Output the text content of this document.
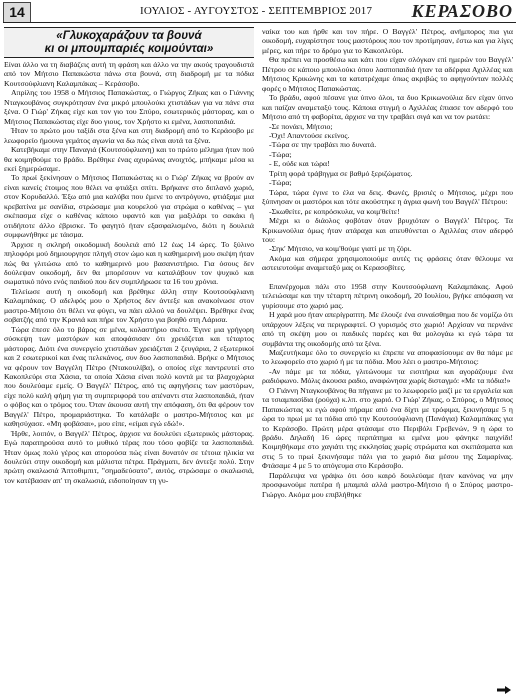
14	ΙΟΥΛΙΟΣ - ΑΥΓΟΥΣΤΟΣ - ΣΕΠΤΕΜΒΡΙΟΣ 2017 ΚΕΡΑΣΟΒΟ
«Γλυκοχαράζουν τα βουνά
κι οι μπουμπαριές κοιμούνται»

Είναι άλλο να τη διαβάζεις αυτή τη φράση και άλλο να την ακούς τραγουδιστά από τον Μήτσιο Παπακώστα πάνω στα βουνά, στη διαδρομή με τα πόδια Κουτσούφλιανη Καλαμπάκας – Κεράσοβο.

Απρίλης του 1958 ο Μήτσιος Παπακώστας, ο Γιώργος Ζήκας και ο Γιάννης Νταγκουβάνος συγκρότησαν ένα μικρό μπουλούκι χτιστάδων για να πάνε στα ξένα. Ο Γιώρ' Ζήκας είχε και τον γιο του Σπύρο, εσωτερικός μάστορας, και ο Μήτσιος Παπακώστας είχε δυο γιους, τον Χρήστο κι εμένα, λασπoπαιδιά.

Ήταν το πρώτο μου ταξίδι στα ξένα και στη διαδρομή από το Κεράσοβο με λεωφορείο ήμουνα γεμάτος αγωνία να δω πώς είναι αυτά τα ξένα.

Κατεβήκαμε στην Παναγιά (Κουτσούφλιανη) και το πρώτο μέλημα ήταν πού θα κοιμηθούμε το βράδυ. Βρέθηκε ένας αχυρώνας ανοιχτός, μπήκαμε μέσα κι εκεί ξημερώσαμε.

Το πρωί ξεκίνησαν ο Μήτσιος Παπακώστας κι ο Γιώρ' Ζήκας να βρούν αν είναι κανείς έτοιμος που θέλει να φτιάξει σπίτι. Βρήκανε στο διπλανό χωριό, στον Κορυδαλλό. Έξω από μια καλύβα που έμενε το αντρόγυνο, φτιάξαμε μια κρεβατίνα με σανίδια, στρώσαμε μια κουρελού για στρώμα ο καθένας – για σκέπασμα είχε ο καθένας κάποιο υφαντό και για μαξιλάρι το σακάκι ή οτιδήποτε άλλο έβρισκε. Το φαγητό ήταν εξασφαλισμένο, διότι η δουλειά συμφωνήθηκε με τάισμα.

Άρχισε η σκληρή οικοδομική δουλειά από 12 έως 14 ώρες. Το ξύλινο πηλοφόρι μού δημιουργησε πληγή στον ώμο και η καθημερινή μου σκέψη ήταν πώς θα γλιτώσω από το καθημερινό μου βασανιστήριο. Για όσους δεν δούλεψαν οικοδομή, δεν θα μπορέσουν να καταλάβουν τον ψυχικό και σωματικό πόνο ενός παιδιού που δεν συμπλήρωσε τα 16 του χρόνια.

Τελείωσε αυτή η οικοδομή και βρέθηκε άλλη στην Κουτσούφλιανη Καλαμπάκας. Ο αδελφός μου ο Χρήστος δεν άντεξε και ανακοίνωσε στον μαστρο-Μήτσιο ότι θέλει να φύγει, να πάει αλλού να δουλέψει. Βρέθηκε ένας σοβατζής από την Κρανιά και πήρε τον Χρήστο για βοηθό στη Λάρισα.

Τώρα έπεσε όλο το βάρος σε μένα, κολαστήριο σκέτο. Έγινε μια γρήγορη σύσκεψη των μαστόρων και αποφάσισαν ότι χρειάζεται και τέταρτος μάστορας. Διότι ένα συνεργείο χτιστάδων χρειάζεται 2 ζευγάρια, 2 εξωτερικοί και 2 εσωτερικοί και ένας πελεκάνος, συν δυο λασπoπαιδιά. Βρήκε ο Μήτσιος να φέρουν τον Βαγγέλη Πέτρο (Ντακουλίβα), ο οποίος είχε παντρευτεί στο Κακοπλεύρι στα Χάσια, τα οποία Χάσια είναι πολύ κοντά με τα βλαχοχώρια που δουλεύαμε εμείς. Ο Βαγγέλ' Πέτρος, από τις αφηγήσεις των μαστόρων, είχε πολύ καλή φήμη για τη συμπεριφορά του απέναντι στα λασπoπαιδιά, ήταν ο φόβος και ο τρόμος του. Όταν άκουσα αυτή την απόφαση, ότι θα φέρουν τον Βαγγέλ' Πέτρο, προμαριάστηκα. Το κατάλαβε ο μαστρο-Μήτσιος και με καθησύχασε. «Μη φοβάσαι», μου είπε, «είμαι εγώ εδώ!».

Ήρθε, λοιπόν, ο Βαγγέλ' Πέτρος, άρχισε να δουλεύει εξωτερικός μάστορας. Εγώ παρατηρούσα αυτό το μυθικό τέρας που τόσο φοβίζε τα λασπoπαιδιά. Ήταν όμως πολύ γέρος και απορούσα πώς είναι δυνατόν σε τέτοια ηλικία να δουλεύει στην οικοδομή και μάλιστα πέτρα. Πράγματι, δεν άντεξε πολύ. Στην πρώτη σκαλωσιά Άπτοθιμπιτ, "σημαδεύσατο", αυτός, στρώσαμε ο σκαλωσιά, τον κατέβασαν απ' τη σκαλωσιά, ειδοποίησαν τη γυ-

ναίκα του και ήρθε και τον πήρε. Ο Βαγγέλ' Πέτρος, ανήμπορος πια για οικοδομή, ευχαρίστησε τους μαστόρους που τον προτίμησαν, έστω και για λίγες μέρες, και πήρε το δρόμο για το Κακοπλεύρι.

Θα πρέπει να προσθέσω και κάτι που είχαν σλόγκαν επί ημερών του Βαγγέλ' Πέτρου σε κάποιο μπουλούκι όπου λασπoπαιδιά ήταν τα αδέρφια Αχιλλέας και Μήτσιος Κρικώνης και τα κατατρέχαμε όπως ακριβώς το αφηγούνταν πολλές φορές ο Μήτσιος Παπακώστας.

Το βράδυ, αφού πέσανε για ύπνο όλοι, τα δυο Κρικωνούλια δεν είχαν ύπνο και παίζαν αναμεταξύ τους. Κάποια στιγμή ο Αχιλλέας έπιασε τον αδερφό του Μήτσιο από τη φαβορίτα, άρχισε να την τραβάει σιγά και να τον ρωτάει:

-Σε πονάει, Μήτσιο;

-Όχι! Απαντούσε εκείνος.

-Τώρα σε την τραβάει πιο δυνατά.

-Τώρα;

- Ε, ούδε και τώρα!

Τρίτη φορά τράβηγμα σε βαθμό ξεριζώματος.

-Τώρα;

Τώρα, τώρα έγινε το έλα να δεις. Φωνές, βρισιές ο Μήτσιος, μέχρι που ξύπνησαν οι μαστόροι και τότε ακούστηκε η άγρια φωνή του Βαγγέλ' Πέτρου:

-Σκωθείτε, ρε κοπρόσκυλα, να κοιμ'θείτε!

Μέχρι κι ο διάολος φοβόταν όταν βρυχιόταν ο Βαγγέλ' Πέτρος. Τα Κρικωνούλια όμως ήταν ατάραχα και απευθύνεται ο Αχιλλέας στον αδερφό του:

-Σηκ' Μήτσιο, να κοιμ'θούμε γιατί με τη ζόρι.

Ακόμα και σήμερα χρησιμοποιούμε αυτές τις φράσεις όταν θέλουμε να αστειευτούμε αναμεταξύ μας οι Κερασοβίτες.

Επανέρχομαι πάλι στο 1958 στην Κουτσούφλιανη Καλαμπάκας. Αφού τελειώσαμε και την τέταρτη πέτρινη οικοδομή, 20 Ιουλίου, βγήκε απόφαση να γυρίσουμε στο χωριό μας.

Η χαρά μου ήταν απερίγραπτη. Με έλουζε ένα συναίσθημα που δε νομίζω ότι υπάρχουν λέξεις να περιγραφτεί. Ο γυρισμός στο χωριό! Αρχίσαν να περνάνε από τη σκέψη μου οι παιδικές παρέες και θα μολογάω κι εγώ τώρα τα συμβάντα της οικοδομής από τα ξένα.

Μαζευτήκαμε όλο το συνεργείο κι έπρεπε να αποφασίσουμε αν θα πάμε με το λεωφορείο στο χωριό ή με τα πόδια. Μου λέει ο μαστρο-Μήτσιος:

-Αν πάμε με τα πόδια, γλιτώνουμε τα εισιτήρια και αγοράζουμε ένα ραδιόφωνο. Μόλις άκουσα ραδιο, αναφώνησα χωρίς δισταγμό: «Με τα πόδια!»

Ο Γιάννη Νταγκουβάνος θα πήγαινε με το λεωφορείο μαζί με τα εργαλεία και τα τσιαμπασίδια (ρούχα) κ.λπ. στο χωριό. Ο Γιώρ' Ζήκας, ο Σπύρος, ο Μήτσιος Παπακώστας κι εγώ αφού πήραμε από ένα δίχτι με τρόφιμα, ξεκινήσαμε 5 η ώρα το πρωί με τα πόδια από την Κουτσούφλιανη (Πανάγια) Καλαμπάκας για το Κεράσοβο. Πρώτη μέρα φτάσαμε στο Περιβόλι Γρεβενών, 9 η ώρα το βράδυ. Δηλαδή 16 ώρες περπάτημα κι εμένα μου φάνηκε παιχνίδι! Κοιμηθήκαμε στο χαγιάτι της εκκλησίας χωρίς στρώματα και σκεπάσματα και στις 5 το πρωί ξεκινήσαμε πάλι για το χωριό δια μέσου της Σαμαρίνας. Φτάσαμε 4 με 5 το απόγευμα στο Κεράσοβο.

Παράλειψα να γράψω ότι όσο καιρό δουλεύαμε ήταν κανόνας να μην προσφωνούμε πατέρα ή μπαμπά αλλά μαστρο-Μήτσιο ή ο Σπύρος μαστρο-Γιώργο. Ακόμα μου επιβλήθηκε
